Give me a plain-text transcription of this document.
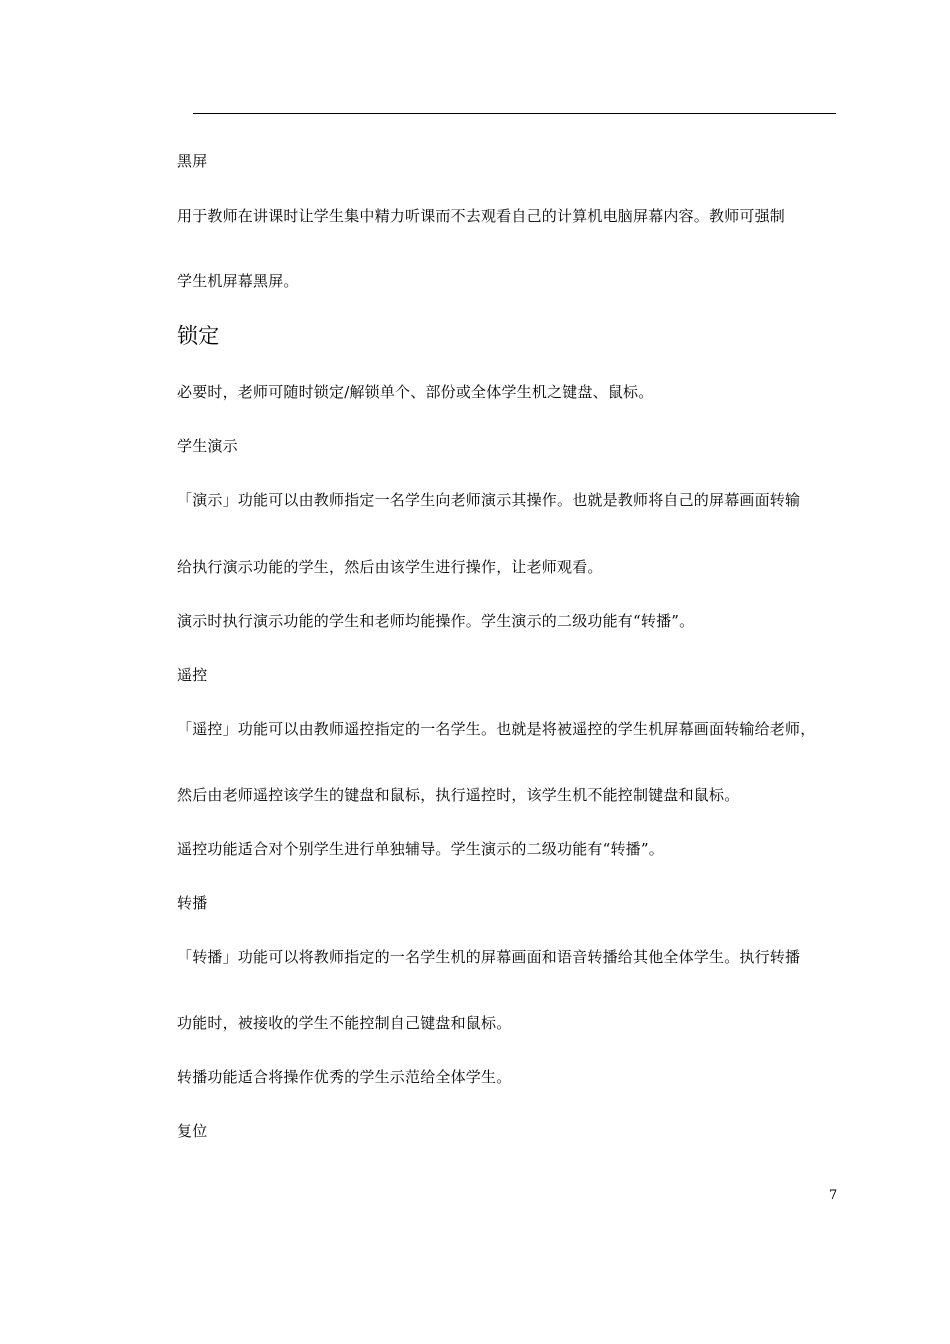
黑屏
用于教师在讲课时让学生集中精力听课而不去观看自己的计算机电脑屏幕内容。教师可强制
学生机屏幕黑屏。
锁定
必要时，老师可随时锁定/解锁单个、部份或全体学生机之键盘、鼠标。
学生演示
「演示」功能可以由教师指定一名学生向老师演示其操作。也就是教师将自己的屏幕画面转输
给执行演示功能的学生，然后由该学生进行操作，让老师观看。
演示时执行演示功能的学生和老师均能操作。学生演示的二级功能有“转播”。
遥控
「遥控」功能可以由教师遥控指定的一名学生。也就是将被遥控的学生机屏幕画面转输给老师，
然后由老师遥控该学生的键盘和鼠标，执行遥控时，该学生机不能控制键盘和鼠标。
遥控功能适合对个别学生进行单独辅导。学生演示的二级功能有“转播”。
转播
「转播」功能可以将教师指定的一名学生机的屏幕画面和语音转播给其他全体学生。执行转播
功能时，被接收的学生不能控制自己键盘和鼠标。
转播功能适合将操作优秀的学生示范给全体学生。
复位
7
